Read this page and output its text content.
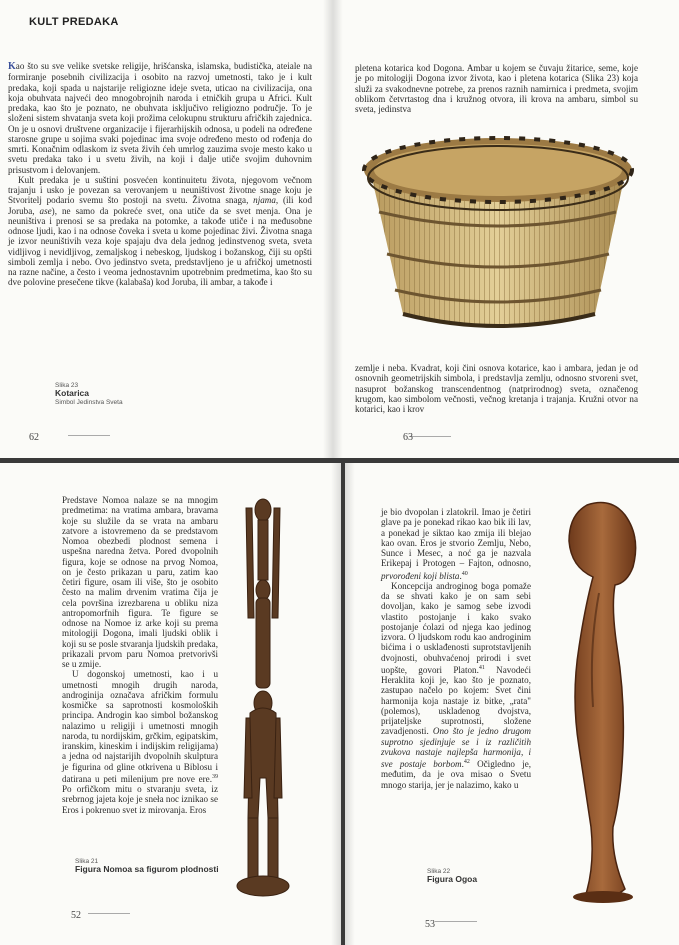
KULT PREDAKA

Kao što su sve velike svetske religije, hrišćanska, islamska, budistička, ateiale na formiranje posebnih civilizacija i osobito na razvoj umetnosti, tako je i kult predaka, koji spada u najstarije religiozne ideje sveta, uticao na civilizacija, ona koja obuhvata najveći deo mnogobrojnih naroda i etničkih grupa u Africi. Kult predaka, kao što je poznato, ne obuhvata isključivo religiozno područje. To je složeni sistem shvatanja sveta koji prožima celokupnu strukturu afričkih zajednica. On je u osnovi društvene organizacije i fijerarhijskih odnosa, u podeli na određene starosne grupe u sojima svaki pojedinac ima svoje određeno mesto od rođenja do smrti. Konačnim odlaskom iz sveta živih ćeh umrlog zauzima svoje mesto kako u svetu predaka tako i u svetu živih, na koji i dalje utiče svojim duhovnim prisustvom i delovanjem.

Kult predaka je u suštini posvećen kontinuitetu života, njegovom večnom trajanju i usko je povezan sa verovanjem u neuništivost životne snage koju je Stvoritelj podario svemu što postoji na svetu. Životna snaga, njama, (ili kod Joruba, ase), ne samo da pokreće svet, ona utiče da se svet menja. Ona je neuništiva i prenosi se sa predaka na potomke, a takođe utiče i na međusobne odnose ljudi, kao i na odnose čoveka i sveta u kome pojedinac živi. Životna snaga je izvor neuništivih veza koje spajaju dva dela jednog jedinstvenog sveta, sveta vidljivog i nevidljivog, zemaljskog i nebeskog, ljudskog i božanskog, čiji su opšti simboli zemlja i nebo. Ovo jedinstvo sveta, predstavljeno je u afričkoj umetnosti na razne načine, a često i veoma jednostavnim upotrebnim predmetima, kao što su dve polovine presečene tikve (kalabaša) kod Joruba, ili ambar, a takođe i

Slika 23
Kotarica
Simbol Jedinstva Sveta
62
pletena kotarica kod Dogona. Ambar u kojem se čuvaju žitarice, seme, koje je po mitologiji Dogona izvor života, kao i pletena kotarica (Slika 23) koja služi za svakodnevne potrebe, za prenos raznih namirnica i predmeta, svojim oblikom četvrtastog dna i kružnog otvora, ili krova na ambaru, simbol su sveta, jedinstva
zemlje i neba. Kvadrat, koji čini osnova kotarice, kao i ambara, jedan je od osnovnih geometrijskih simbola, i predstavlja zemlju, odnosno stvoreni svet, nasuprot božanskog transcendentnog (natprirodnog) sveta, označenog krugom, kao simbolom večnosti, večnog kretanja i trajanja. Kružni otvor na kotarici, kao i krov
63

Predstave Nomoa nalaze se na mnogim predmetima: na vratima ambara, bravama koje su služile da se vrata na ambaru zatvore a istovremeno da se predstavom Nomoa obezbedi plodnost semena i uspešna naredna žetva. Pored dvopolnih figura, koje se odnose na prvog Nomoa, on je često prikazan u paru, zatim kao četiri figure, osam ili više, što je osobito često na malim drvenim vratima čija je cela površina izrezbarena u obliku niza antropomorfnih figura. Te figure se odnose na Nomoe iz arke koji su prema mitologiji Dogona, imali ljudski oblik i koji su se posle stvaranja ljudskih predaka, prikazali prvom paru Nomoa pretvorivši se u zmije.

U dogonskoj umetnosti, kao i u umetnosti mnogih drugih naroda, androginija označava afričkim formulu kosmičke sa saprotnosti kosmoloških principa. Androgin kao simbol božanskog nalazimo u religiji i umetnosti mnogih naroda, tu nordijskim, grčkim, egipatskim, iranskim, kineskim i indijskim religijama) a jedna od najstarijih dvopolnih skulptura je figurina od gline otkrivena u Biblosu i datirana u peti milenijum pre nove ere.$^{39}$ Po orfičkom mitu o stvaranju sveta, iz srebrnog jajeta koje je sneła noc iznikao se Eros i pokrenuo svet iz mirovanja. Eros

Slika 21
Figura Nomoa sa figurom plodnosti
52

je bio dvopolan i zlatokril. Imao je četiri glave pa je ponekad rikao kao bik ili lav, a ponekad je siktao kao zmija ili blejao kao ovan. Eros je stvorio Zemlju, Nebo, Sunce i Mesec, a noć ga je nazvala Erikepaj i Protogen – Fajton, odnosno, prvorođeni koji blista.$^{40}$

Koncepcija androginog boga pomaže da se shvati kako je on sam sebi dovoljan, kako je samog sebe izvodi vlastito postojanje i kako svako postojanje ćolazi od njega kao jedinog izvora. O ljudskom rodu kao androginim bićima i o usklađenosti suprotstavljenih dvojnosti, obuhvaćenoj prirodi i svet uopšte, govori Platon.$^{41}$ Navodeći Heraklita koji je, kao što je poznato, zastupao načelo po kojem: Svet čini harmonija koja nastaje iz bitke, „rata" (polemos), uskladenog dvojstva, prijateljske suprotnosti, složene zavadjenosti. Ono što je jedno drugom suprotno sjedinjuje se i iz različitih zvukova nastaje najlepša harmonija, i sve postaje borbom.$^{42}$ Očigledno je, međutim, da je ova misao o Svetu mnogo starija, jer je nalazimo, kako u

Slika 22
Figura Ogoa
53
